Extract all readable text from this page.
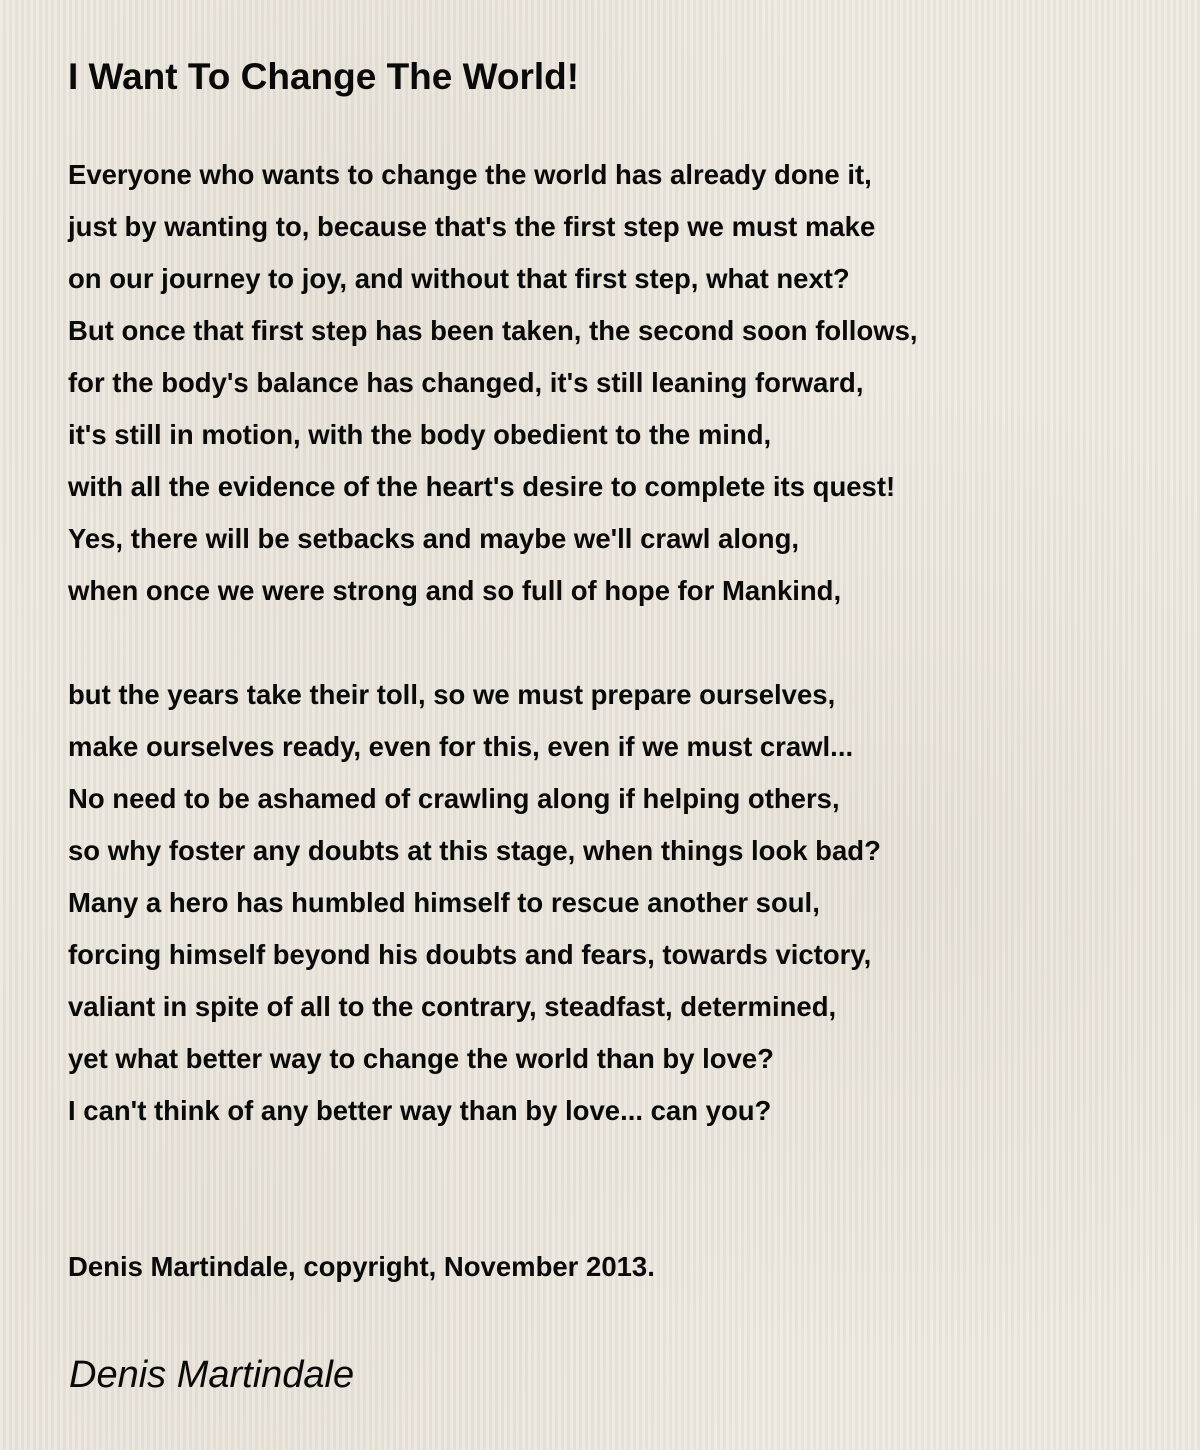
I Want To Change The World!
Everyone who wants to change the world has already done it,
just by wanting to, because that's the first step we must make
on our journey to joy, and without that first step, what next?
But once that first step has been taken, the second soon follows,
for the body's balance has changed, it's still leaning forward,
it's still in motion, with the body obedient to the mind,
with all the evidence of the heart's desire to complete its quest!
Yes, there will be setbacks and maybe we'll crawl along,
when once we were strong and so full of hope for Mankind,
but the years take their toll, so we must prepare ourselves,
make ourselves ready, even for this, even if we must crawl...
No need to be ashamed of crawling along if helping others,
so why foster any doubts at this stage, when things look bad?
Many a hero has humbled himself to rescue another soul,
forcing himself beyond his doubts and fears, towards victory,
valiant in spite of all to the contrary, steadfast, determined,
yet what better way to change the world than by love?
I can't think of any better way than by love... can you?
Denis Martindale, copyright, November 2013.
Denis Martindale
